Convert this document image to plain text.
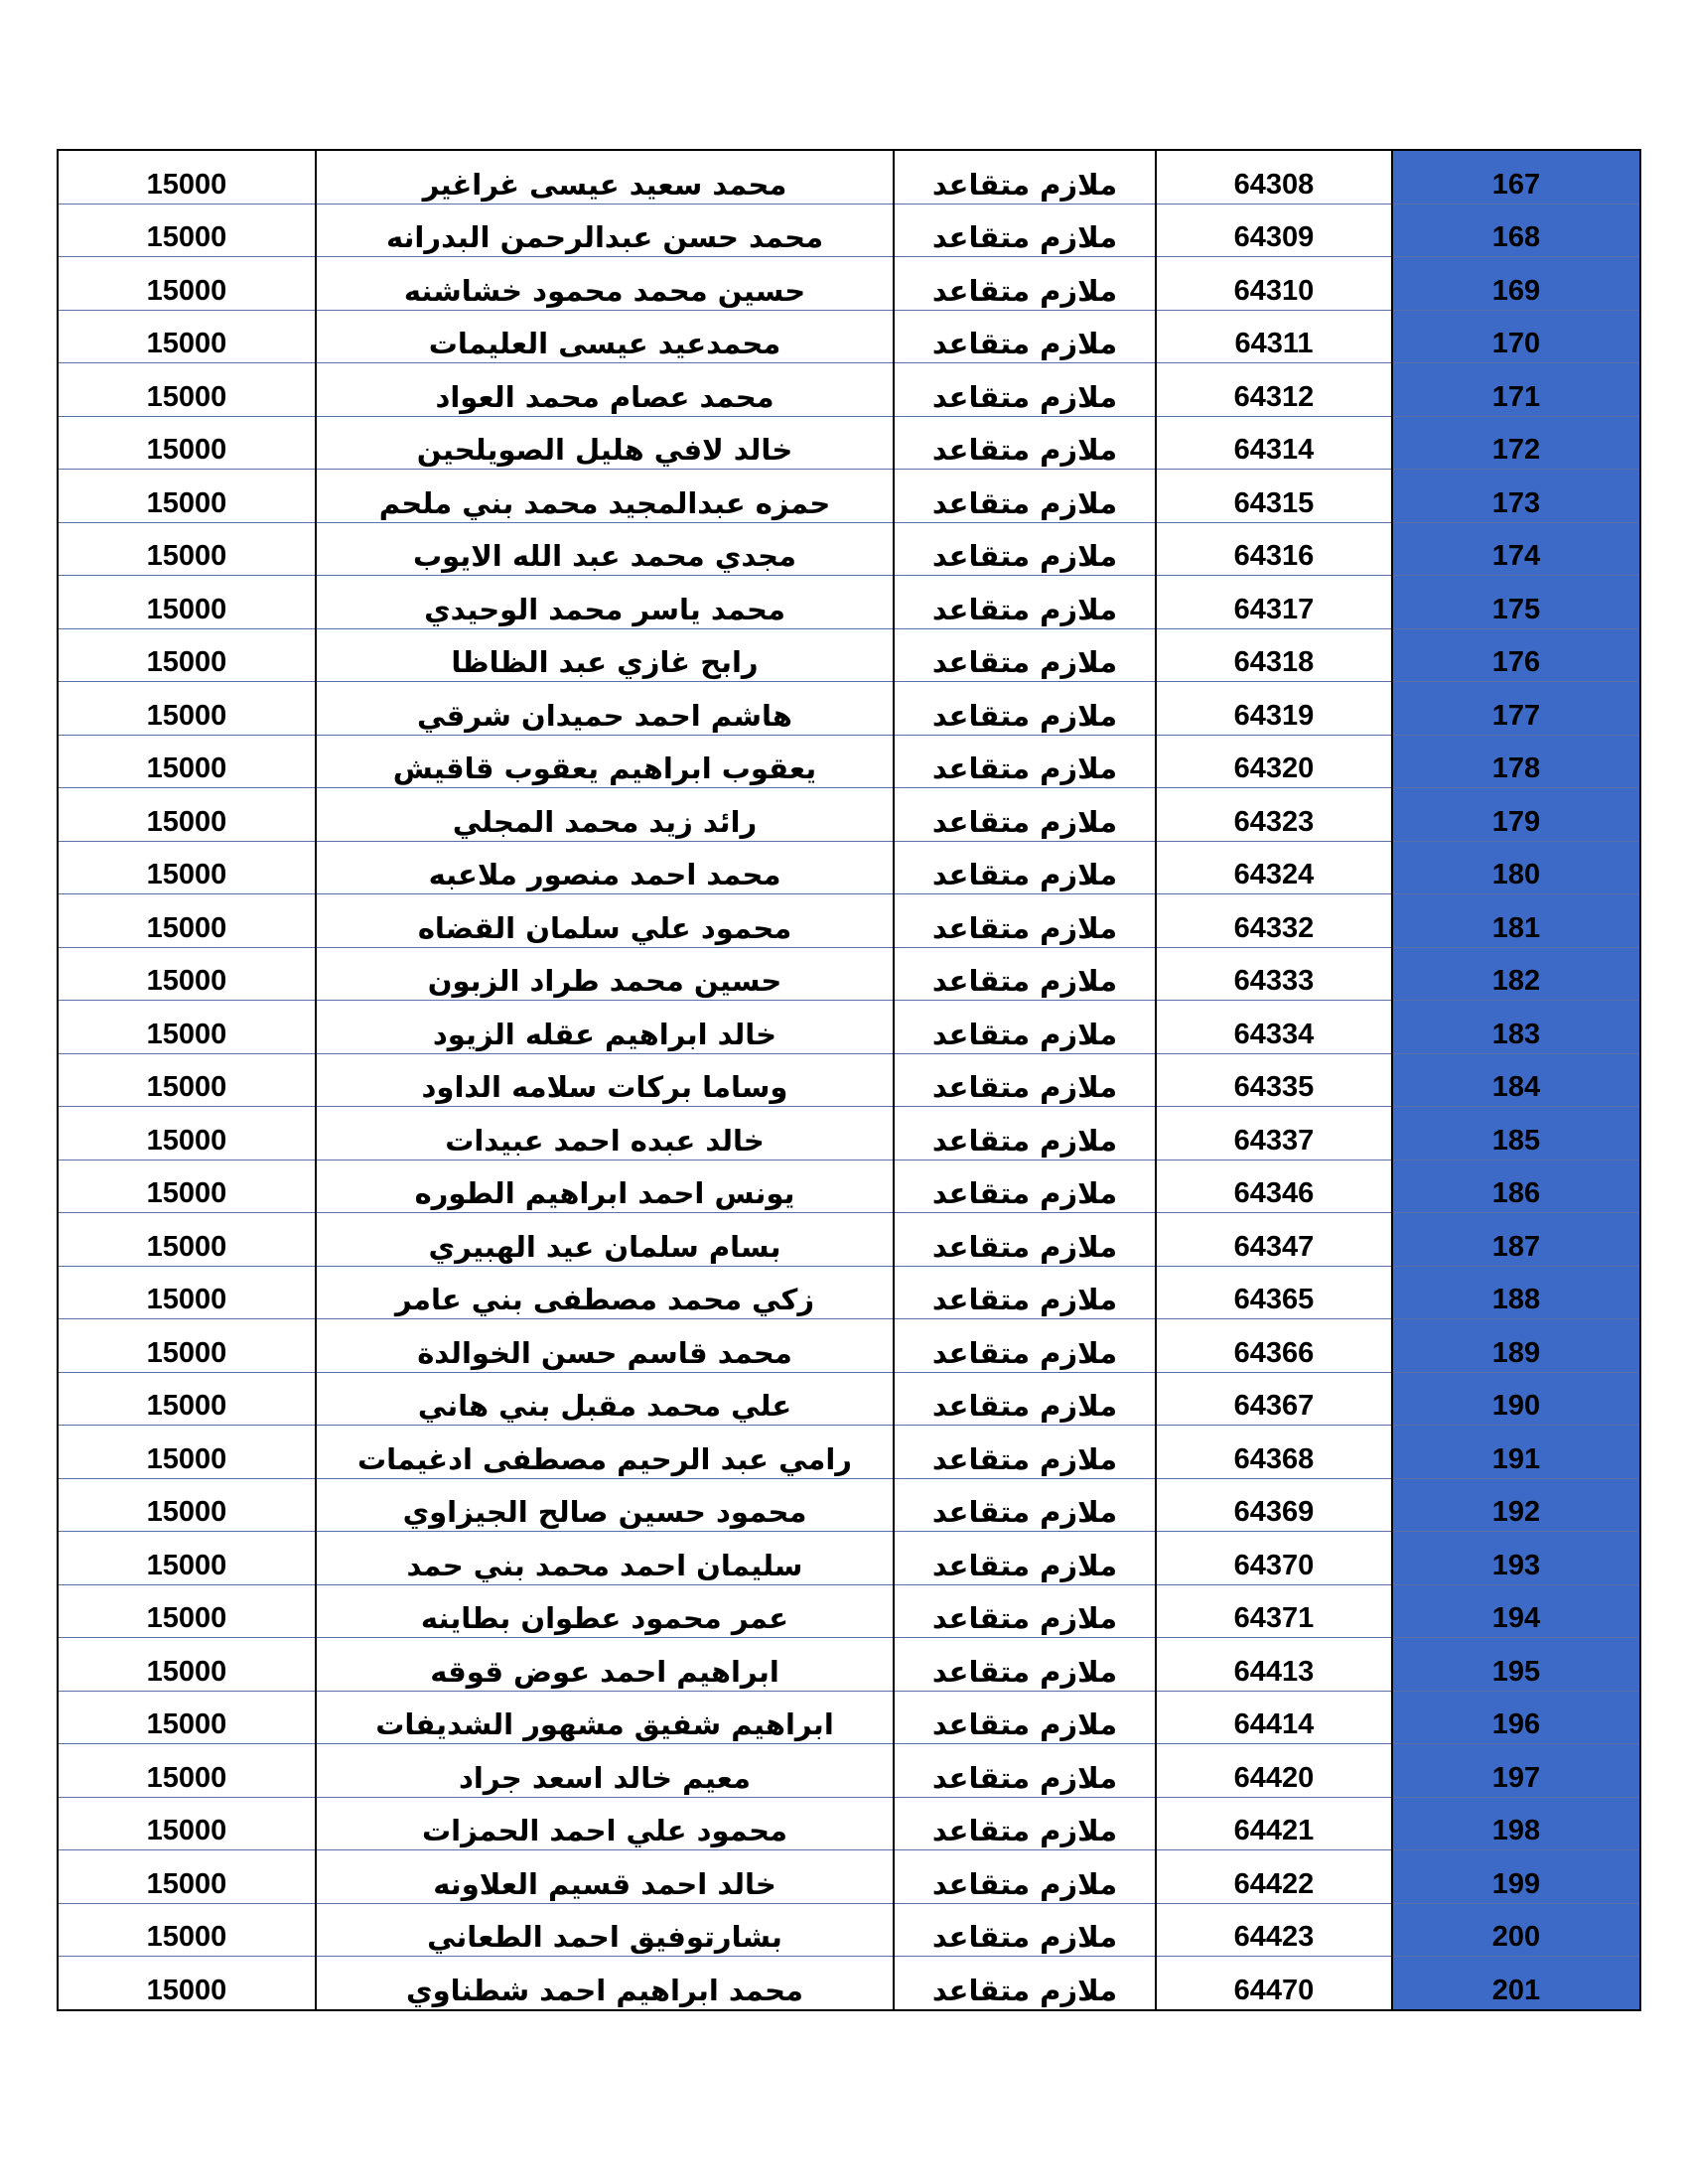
15000	محمد سعيد عيسى غراغير	ملازم متقاعد	64308	167
15000	محمد حسن عبدالرحمن البدرانه	ملازم متقاعد	64309	168
15000	حسين محمد محمود خشاشنه	ملازم متقاعد	64310	169
15000	محمدعيد عيسى العليمات	ملازم متقاعد	64311	170
15000	محمد عصام محمد العواد	ملازم متقاعد	64312	171
15000	خالد لافي هليل الصويلحين	ملازم متقاعد	64314	172
15000	حمزه عبدالمجيد محمد بني ملحم	ملازم متقاعد	64315	173
15000	مجدي محمد عبد الله الايوب	ملازم متقاعد	64316	174
15000	محمد ياسر محمد الوحيدي	ملازم متقاعد	64317	175
15000	رابح غازي عبد الظاظا	ملازم متقاعد	64318	176
15000	هاشم احمد حميدان شرقي	ملازم متقاعد	64319	177
15000	يعقوب ابراهيم يعقوب قاقيش	ملازم متقاعد	64320	178
15000	رائد زيد محمد المجلي	ملازم متقاعد	64323	179
15000	محمد احمد منصور ملاعبه	ملازم متقاعد	64324	180
15000	محمود علي سلمان القضاه	ملازم متقاعد	64332	181
15000	حسين محمد طراد الزبون	ملازم متقاعد	64333	182
15000	خالد ابراهيم عقله الزيود	ملازم متقاعد	64334	183
15000	وساما بركات سلامه الداود	ملازم متقاعد	64335	184
15000	خالد عبده احمد عبيدات	ملازم متقاعد	64337	185
15000	يونس احمد ابراهيم الطوره	ملازم متقاعد	64346	186
15000	بسام سلمان عيد الهبيري	ملازم متقاعد	64347	187
15000	زكي محمد مصطفى بني عامر	ملازم متقاعد	64365	188
15000	محمد قاسم حسن الخوالدة	ملازم متقاعد	64366	189
15000	علي محمد مقبل بني هاني	ملازم متقاعد	64367	190
15000	رامي عبد الرحيم مصطفى ادغيمات	ملازم متقاعد	64368	191
15000	محمود حسين صالح الجيزاوي	ملازم متقاعد	64369	192
15000	سليمان احمد محمد بني حمد	ملازم متقاعد	64370	193
15000	عمر محمود عطوان بطاينه	ملازم متقاعد	64371	194
15000	ابراهيم احمد عوض قوقه	ملازم متقاعد	64413	195
15000	ابراهيم شفيق مشهور الشديفات	ملازم متقاعد	64414	196
15000	معيم خالد اسعد جراد	ملازم متقاعد	64420	197
15000	محمود علي احمد الحمزات	ملازم متقاعد	64421	198
15000	خالد احمد قسيم العلاونه	ملازم متقاعد	64422	199
15000	بشارتوفيق احمد الطعاني	ملازم متقاعد	64423	200
15000	محمد ابراهيم احمد شطناوي	ملازم متقاعد	64470	201
